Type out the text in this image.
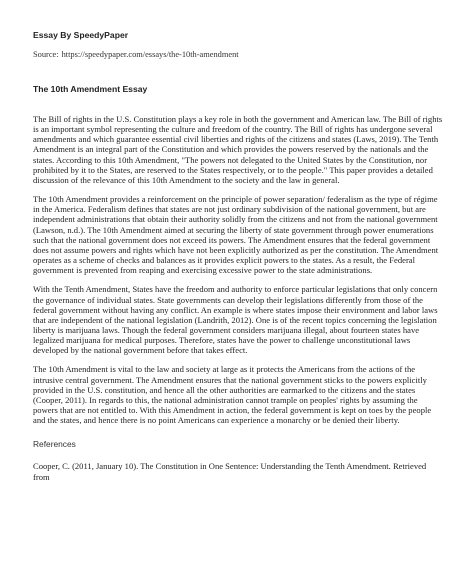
Essay By SpeedyPaper
Source: https://speedypaper.com/essays/the-10th-amendment
The 10th Amendment Essay

The Bill of rights in the U.S. Constitution plays a key role in both the government and American law. The Bill of rights is an important symbol representing the culture and freedom of the country. The Bill of rights has undergone several amendments and which guarantee essential civil liberties and rights of the citizens and states (Laws, 2019). The Tenth Amendment is an integral part of the Constitution and which provides the powers reserved by the nationals and the states. According to this 10th Amendment, "The powers not delegated to the United States by the Constitution, nor prohibited by it to the States, are reserved to the States respectively, or to the people." This paper provides a detailed discussion of the relevance of this 10th Amendment to the society and the law in general.

The 10th Amendment provides a reinforcement on the principle of power separation/ federalism as the type of régime in the America. Federalism defines that states are not just ordinary subdivision of the national government, but are independent administrations that obtain their authority solidly from the citizens and not from the national government (Lawson, n.d.). The 10th Amendment aimed at securing the liberty of state government through power enumerations such that the national government does not exceed its powers. The Amendment ensures that the federal government does not assume powers and rights which have not been explicitly authorized as per the constitution. The Amendment operates as a scheme of checks and balances as it provides explicit powers to the states. As a result, the Federal government is prevented from reaping and exercising excessive power to the state administrations.

With the Tenth Amendment, States have the freedom and authority to enforce particular legislations that only concern the governance of individual states. State governments can develop their legislations differently from those of the federal government without having any conflict. An example is where states impose their environment and labor laws that are independent of the national legislation (Landrith, 2012). One is of the recent topics concerning the legislation liberty is marijuana laws. Though the federal government considers marijuana illegal, about fourteen states have legalized marijuana for medical purposes. Therefore, states have the power to challenge unconstitutional laws developed by the national government before that takes effect.

The 10th Amendment is vital to the law and society at large as it protects the Americans from the actions of the intrusive central government. The Amendment ensures that the national government sticks to the powers explicitly provided in the U.S. constitution, and hence all the other authorities are earmarked to the citizens and the states (Cooper, 2011). In regards to this, the national administration cannot trample on peoples' rights by assuming the powers that are not entitled to. With this Amendment in action, the federal government is kept on toes by the people and the states, and hence there is no point Americans can experience a monarchy or be denied their liberty.

References

Cooper, C. (2011, January 10). The Constitution in One Sentence: Understanding the Tenth Amendment. Retrieved from
